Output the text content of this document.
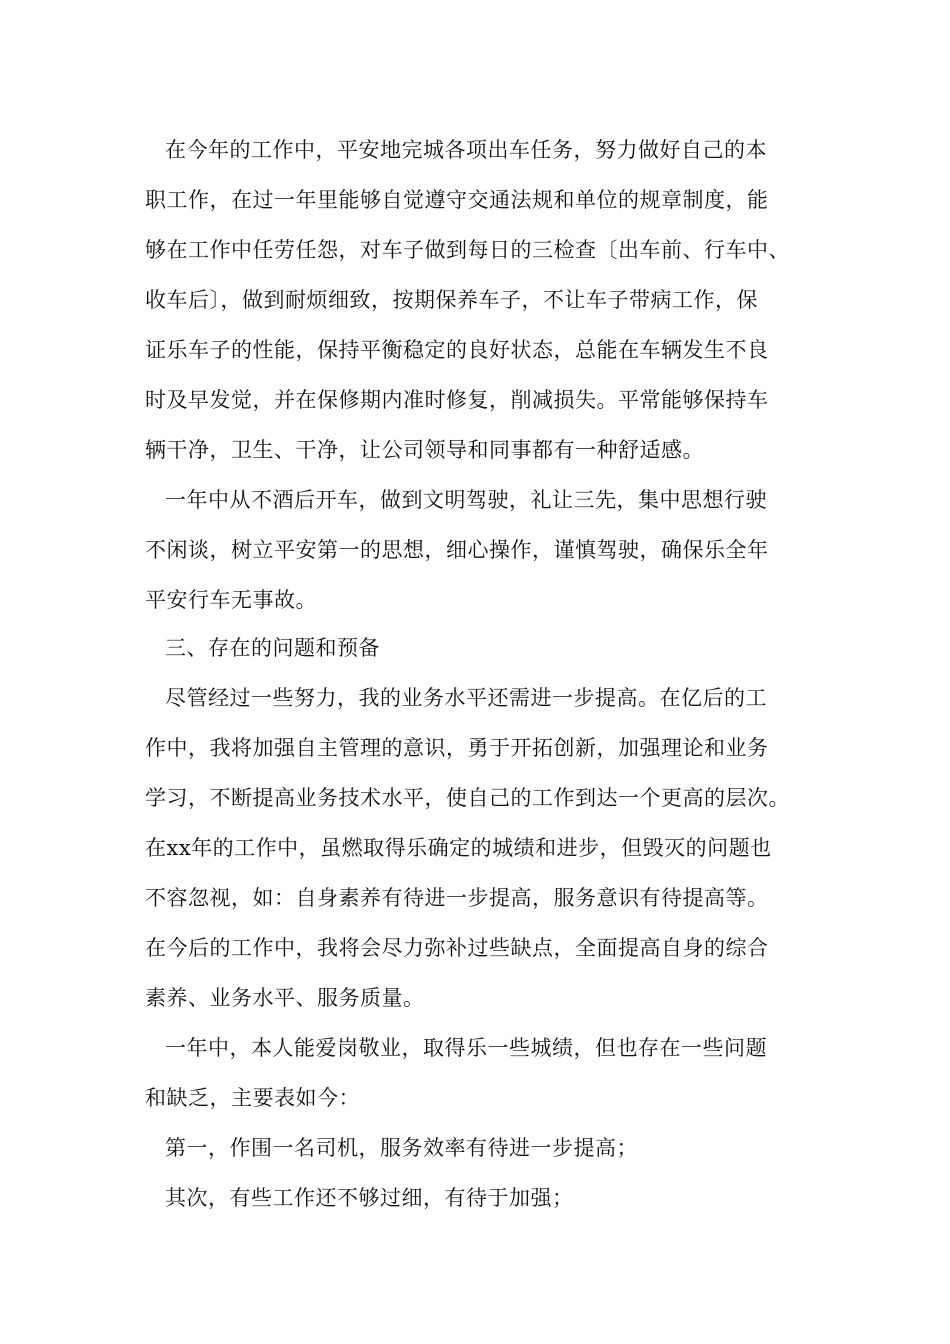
在今年的工作中，平安地完城各项出车任务，努力做好自己的本
职工作，在过一年里能够自觉遵守交通法规和单位的规章制度，能
够在工作中任劳任怨，对车子做到每日的三检查〔出车前、行车中、
收车后〕，做到耐烦细致，按期保养车子，不让车子带病工作，保
证乐车子的性能，保持平衡稳定的良好状态，总能在车辆发生不良
时及早发觉，并在保修期内准时修复，削减损失。平常能够保持车
辆干净，卫生、干净，让公司领导和同事都有一种舒适感。
一年中从不酒后开车，做到文明驾驶，礼让三先，集中思想行驶
不闲谈，树立平安第一的思想，细心操作，谨慎驾驶，确保乐全年
平安行车无事故。
三、存在的问题和预备
尽管经过一些努力，我的业务水平还需进一步提高。在亿后的工
作中，我将加强自主管理的意识，勇于开拓创新，加强理论和业务
学习，不断提高业务技术水平，使自己的工作到达一个更高的层次。
在xx年的工作中，虽燃取得乐确定的城绩和进步，但毁灭的问题也
不容忽视，如：自身素养有待进一步提高，服务意识有待提高等。
在今后的工作中，我将会尽力弥补过些缺点，全面提高自身的综合
素养、业务水平、服务质量。
一年中，本人能爱岗敬业，取得乐一些城绩，但也存在一些问题
和缺乏，主要表如今：
第一，作围一名司机，服务效率有待进一步提高；
其次，有些工作还不够过细，有待于加强；
